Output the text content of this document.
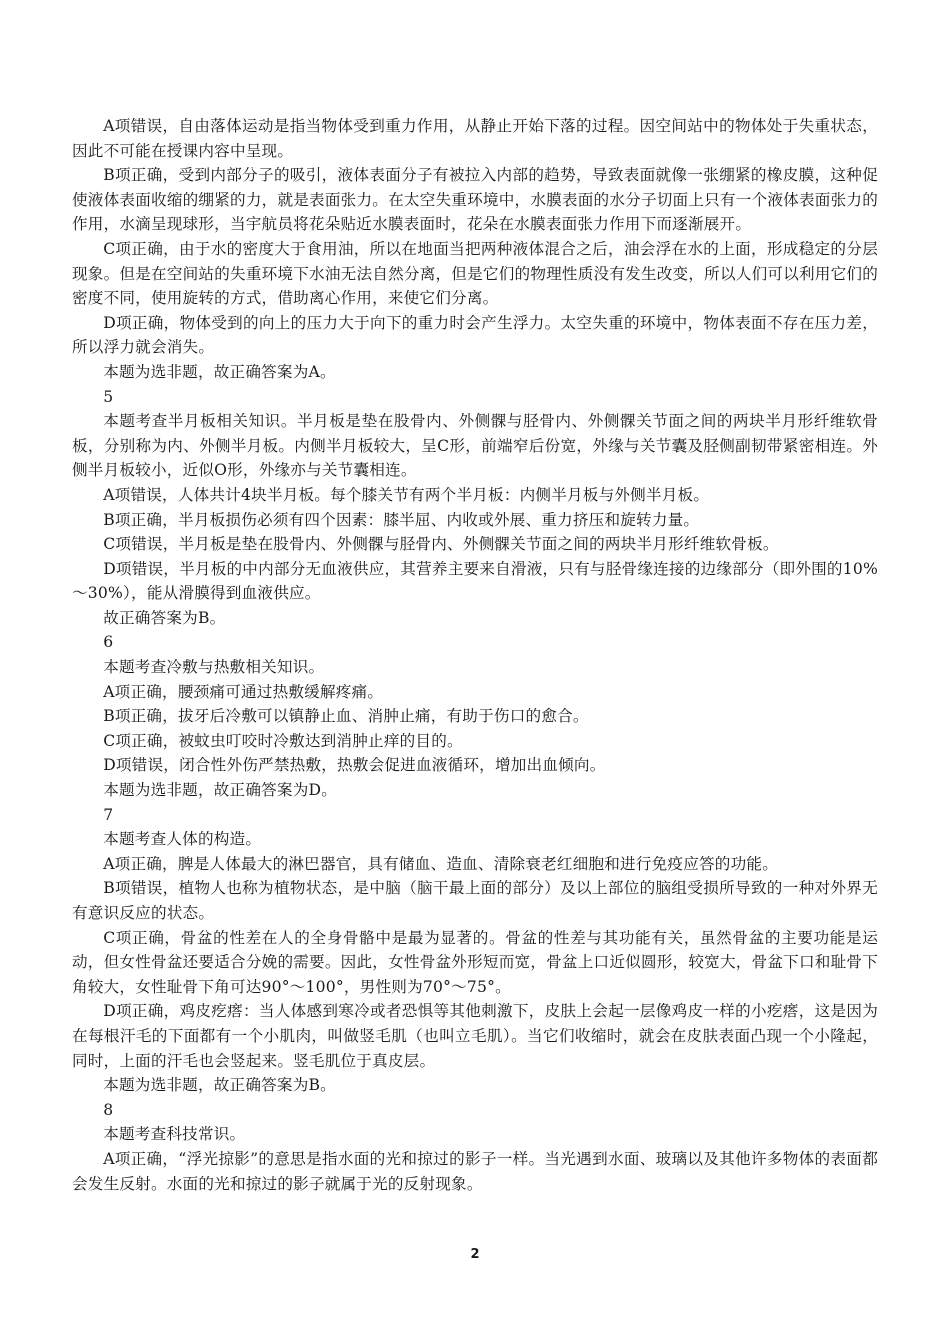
A项错误，自由落体运动是指当物体受到重力作用，从静止开始下落的过程。因空间站中的物体处于失重状态，因此不可能在授课内容中呈现。

B项正确，受到内部分子的吸引，液体表面分子有被拉入内部的趋势，导致表面就像一张绷紧的橡皮膜，这种促使液体表面收缩的绷紧的力，就是表面张力。在太空失重环境中，水膜表面的水分子切面上只有一个液体表面张力的作用，水滴呈现球形，当宇航员将花朵贴近水膜表面时，花朵在水膜表面张力作用下而逐渐展开。

C项正确，由于水的密度大于食用油，所以在地面当把两种液体混合之后，油会浮在水的上面，形成稳定的分层现象。但是在空间站的失重环境下水油无法自然分离，但是它们的物理性质没有发生改变，所以人们可以利用它们的密度不同，使用旋转的方式，借助离心作用，来使它们分离。

D项正确，物体受到的向上的压力大于向下的重力时会产生浮力。太空失重的环境中，物体表面不存在压力差，所以浮力就会消失。

本题为选非题，故正确答案为A。

5

本题考查半月板相关知识。半月板是垫在股骨内、外侧髁与胫骨内、外侧髁关节面之间的两块半月形纤维软骨板，分别称为内、外侧半月板。内侧半月板较大，呈C形，前端窄后份宽，外缘与关节囊及胫侧副韧带紧密相连。外侧半月板较小，近似O形，外缘亦与关节囊相连。

A项错误，人体共计4块半月板。每个膝关节有两个半月板：内侧半月板与外侧半月板。

B项正确，半月板损伤必须有四个因素：膝半屈、内收或外展、重力挤压和旋转力量。

C项错误，半月板是垫在股骨内、外侧髁与胫骨内、外侧髁关节面之间的两块半月形纤维软骨板。

D项错误，半月板的中内部分无血液供应，其营养主要来自滑液，只有与胫骨缘连接的边缘部分（即外围的10%～30%），能从滑膜得到血液供应。

故正确答案为B。

6

本题考查冷敷与热敷相关知识。

A项正确，腰颈痛可通过热敷缓解疼痛。

B项正确，拔牙后冷敷可以镇静止血、消肿止痛，有助于伤口的愈合。

C项正确，被蚊虫叮咬时冷敷达到消肿止痒的目的。

D项错误，闭合性外伤严禁热敷，热敷会促进血液循环，增加出血倾向。

本题为选非题，故正确答案为D。

7

本题考查人体的构造。

A项正确，脾是人体最大的淋巴器官，具有储血、造血、清除衰老红细胞和进行免疫应答的功能。

B项错误，植物人也称为植物状态，是中脑（脑干最上面的部分）及以上部位的脑组受损所导致的一种对外界无有意识反应的状态。

C项正确，骨盆的性差在人的全身骨骼中是最为显著的。骨盆的性差与其功能有关，虽然骨盆的主要功能是运动，但女性骨盆还要适合分娩的需要。因此，女性骨盆外形短而宽，骨盆上口近似圆形，较宽大，骨盆下口和耻骨下角较大，女性耻骨下角可达90°～100°，男性则为70°～75°。

D项正确，鸡皮疙瘩：当人体感到寒冷或者恐惧等其他刺激下，皮肤上会起一层像鸡皮一样的小疙瘩，这是因为在每根汗毛的下面都有一个小肌肉，叫做竖毛肌（也叫立毛肌）。当它们收缩时，就会在皮肤表面凸现一个小隆起，同时，上面的汗毛也会竖起来。竖毛肌位于真皮层。

本题为选非题，故正确答案为B。

8

本题考查科技常识。

A项正确，“浮光掠影”的意思是指水面的光和掠过的影子一样。当光遇到水面、玻璃以及其他许多物体的表面都会发生反射。水面的光和掠过的影子就属于光的反射现象。

2
